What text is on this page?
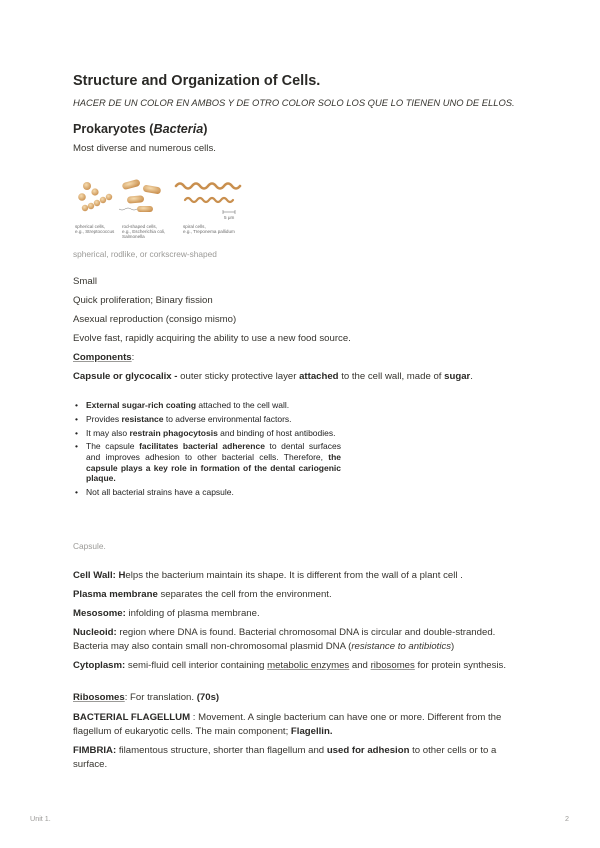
Structure and Organization of Cells.
HACER DE UN COLOR EN AMBOS Y DE OTRO COLOR SOLO LOS QUE LO TIENEN UNO DE ELLOS.
Prokaryotes (Bacteria)
Most diverse and numerous cells.
spherical cells,
e.g., Streptococcus
rod-shaped cells,
e.g., Escherichia coli,
Salmonella
spiral cells,
e.g., Treponema pallidum
5 μm
spherical, rodlike, or corkscrew-shaped
Small
Quick proliferation; Binary fission
Asexual reproduction (consigo mismo)
Evolve fast, rapidly acquiring the ability to use a new food source.
Components:
Capsule or glycocalix - outer sticky protective layer attached to the cell wall, made of sugar.
• External sugar-rich coating attached to the cell wall.
• Provides resistance to adverse environmental factors.
• It may also restrain phagocytosis and binding of host antibodies.
• The capsule facilitates bacterial adherence to dental surfaces and improves adhesion to other bacterial cells. Therefore, the capsule plays a key role in formation of the dental cariogenic plaque.
• Not all bacterial strains have a capsule.
Capsule.
Cell Wall: Helps the bacterium maintain its shape. It is different from the wall of a plant cell .
Plasma membrane separates the cell from the environment.
Mesosome: infolding of plasma membrane.
Nucleoid: region where DNA is found. Bacterial chromosomal DNA is circular and double-stranded. Bacteria may also contain small non-chromosomal plasmid DNA (resistance to antibiotics)
Cytoplasm: semi-fluid cell interior containing metabolic enzymes and ribosomes for protein synthesis.
Ribosomes: For translation. (70s)
BACTERIAL FLAGELLUM : Movement. A single bacterium can have one or more. Different from the flagellum of eukaryotic cells. The main component; Flagellin.
FIMBRIA: filamentous structure, shorter than flagellum and used for adhesion to other cells or to a surface.
Unit 1.	2
